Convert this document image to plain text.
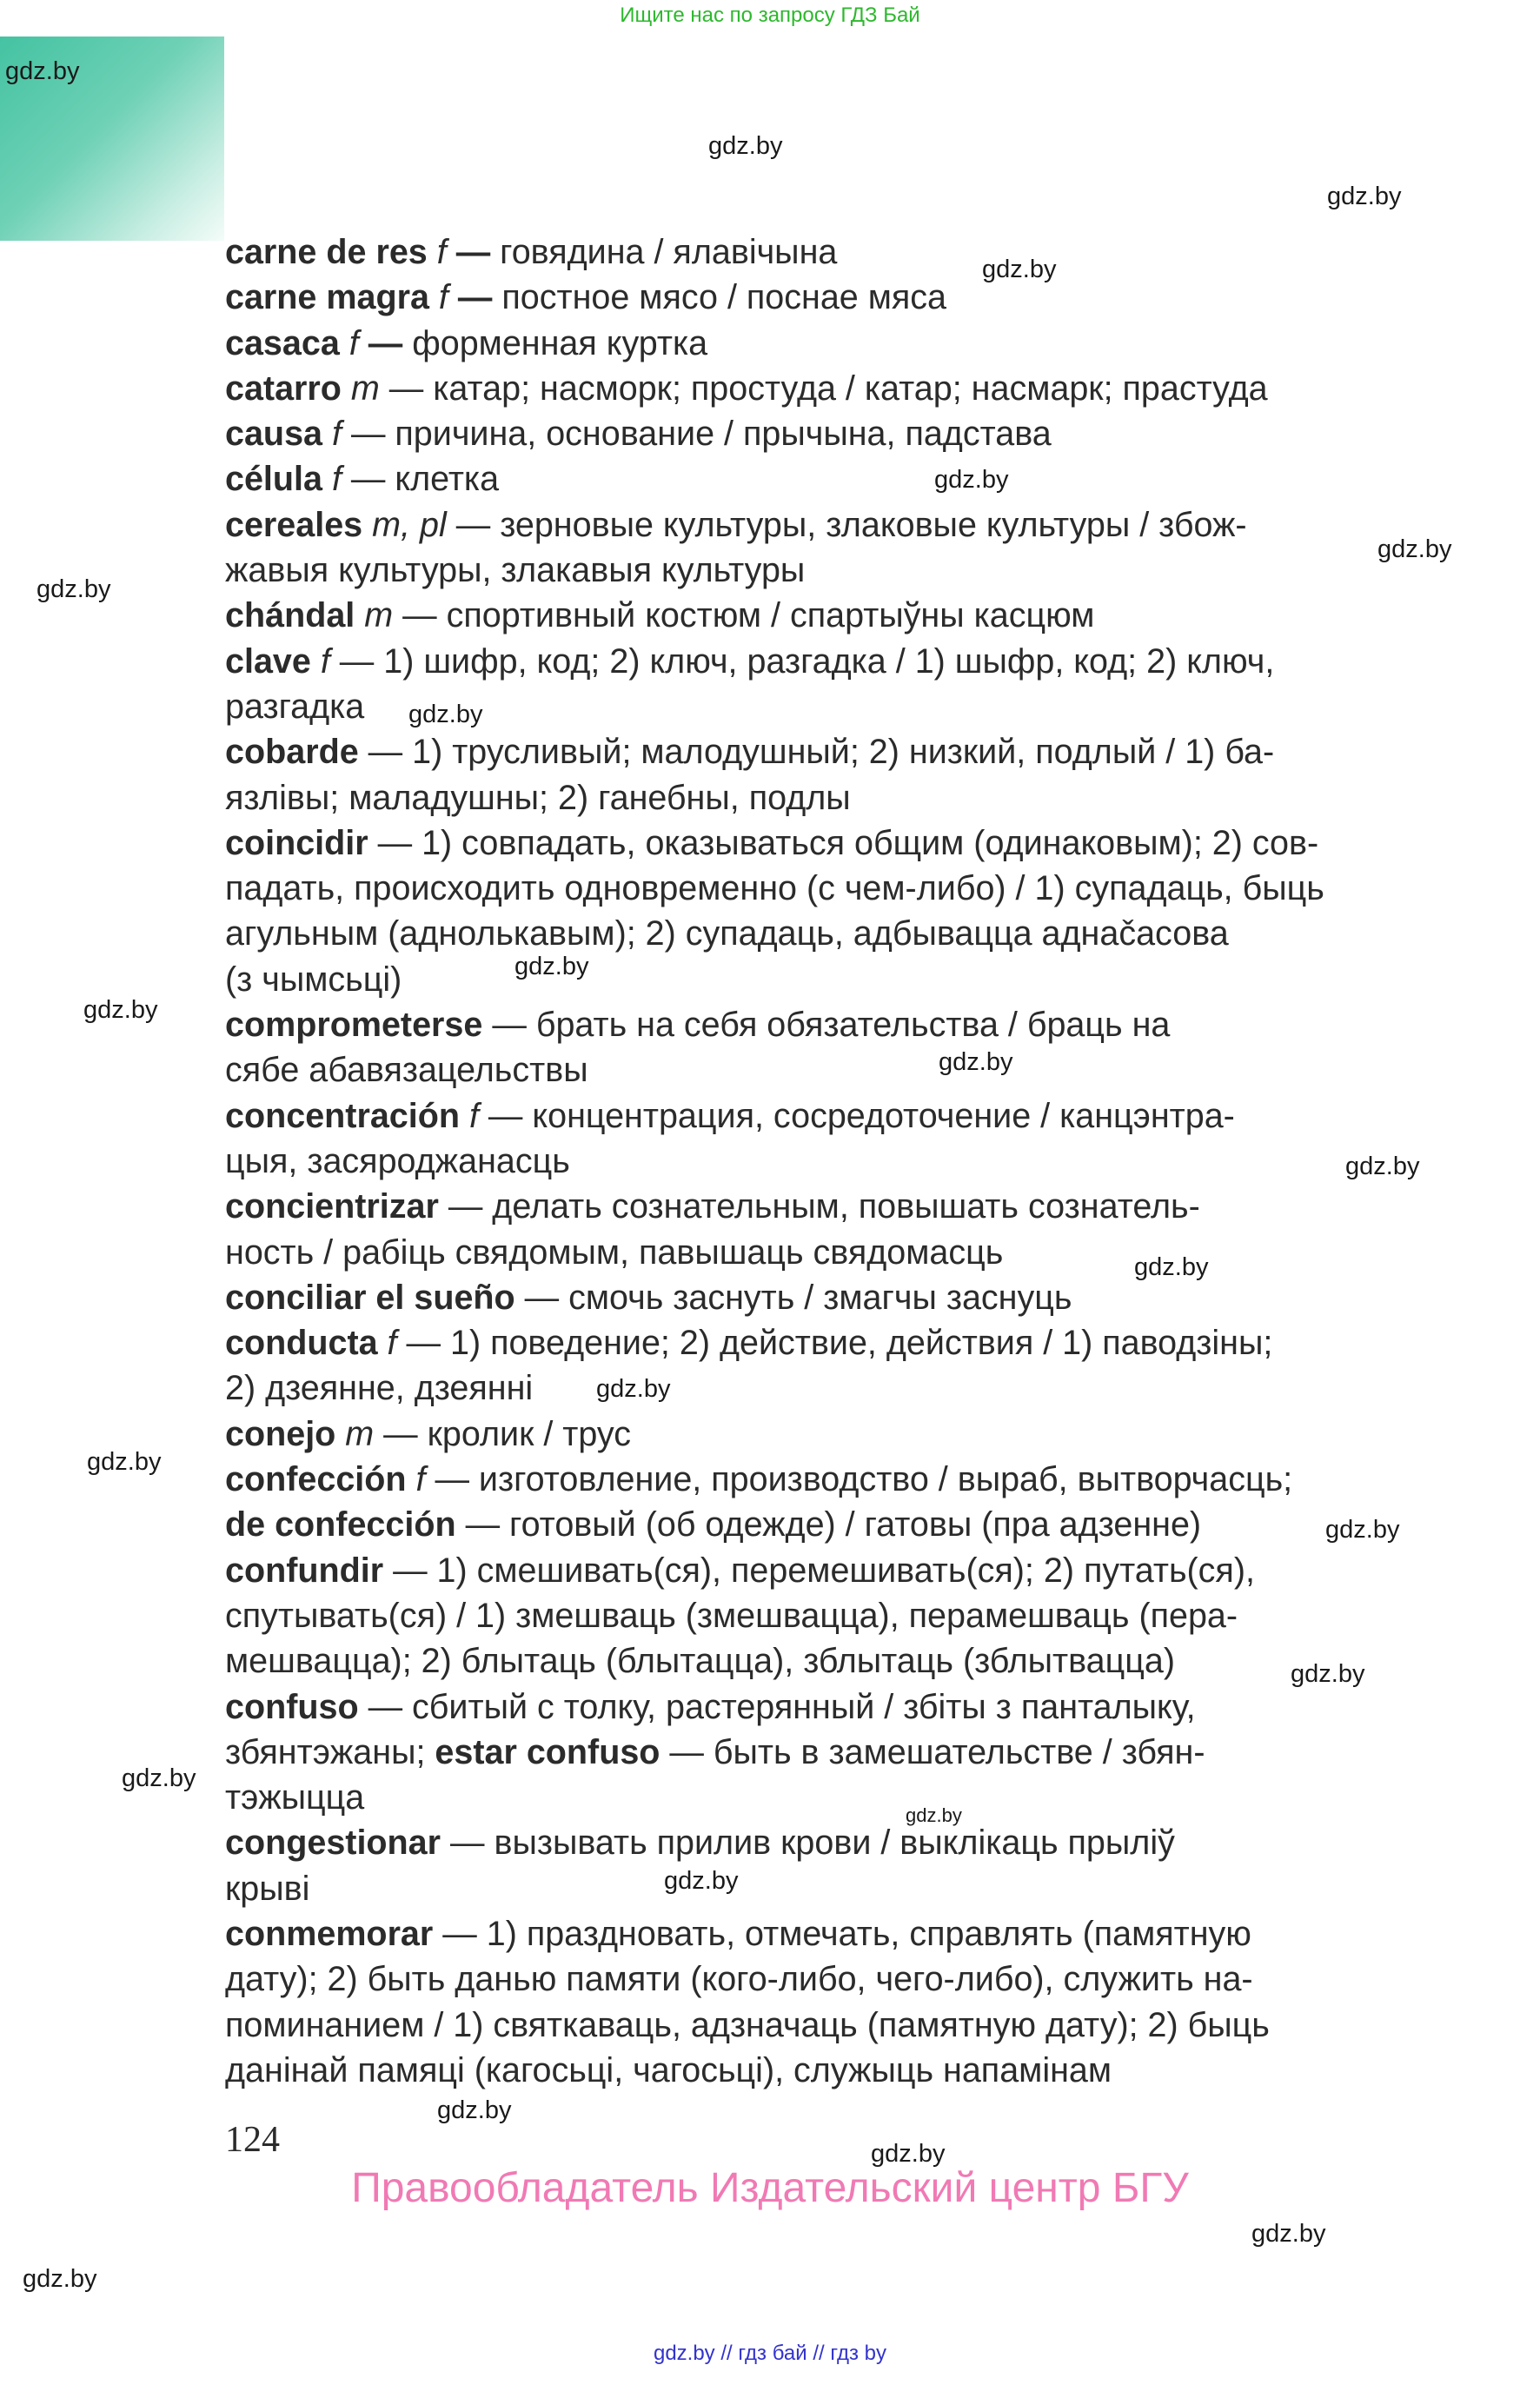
Ищите нас по запросу ГДЗ Бай
gdz.by
gdz.by
gdz.by
gdz.by
gdz.by
gdz.by
gdz.by
gdz.by
gdz.by
gdz.by
gdz.by
gdz.by
gdz.by
gdz.by
gdz.by
gdz.by
gdz.by
gdz.by
gdz.by
gdz.by
gdz.by
gdz.by
gdz.by
gdz.by
carne de res f — говядина / ялавічына
carne magra f — постное мясо / поснае мяса
casaca f — форменная куртка
catarro m — катар; насморк; простуда / катар; насмарк; прастуда
causa f — причина, основание / прычына, падстава
célula f — клетка
cereales m, pl — зерновые культуры, злаковые культуры / збож-
жавыя культуры, злакавыя культуры
chándal m — спортивный костюм / спартыўны касцюм
clave f — 1) шифр, код; 2) ключ, разгадка / 1) шыфр, код; 2) ключ,
разгадка
cobarde — 1) трусливый; малодушный; 2) низкий, подлый / 1) ба-
язлівы; маладушны; 2) ганебны, подлы
coincidir — 1) совпадать, оказываться общим (одинаковым); 2) сов-
падать, происходить одновременно (с чем-либо) / 1) супадаць, быць
агульным (аднолькавым); 2) супадаць, адбывацца аднačасова
(з чымсьці)
comprometerse — брать на себя обязательства / браць на
сябе абавязацельствы
concentración f — концентрация, сосредоточение / канцэнтра-
цыя, засяроджанасць
concientrizar — делать сознательным, повышать сознатель-
ность / рабіць свядомым, павышаць свядомасць
conciliar el sueño — смочь заснуть / змагчы заснуць
conducta f — 1) поведение; 2) действие, действия / 1) паводзіны;
2) дзеянне, дзеянні
conejo m — кролик / трус
confección f — изготовление, производство / выраб, вытворчасць;
de confección — готовый (об одежде) / гатовы (пра адзенне)
confundir — 1) смешивать(ся), перемешивать(ся); 2) путать(ся),
спутывать(ся) / 1) змешваць (змешвацца), перамешваць (пера-
мешвацца); 2) блытаць (блытацца), зблытаць (зблытвацца)
confuso — сбитый с толку, растерянный / збіты з панталыку,
збянтэжаны; estar confuso — быть в замешательстве / збян-
тэжыцца
congestionar — вызывать прилив крови / выклікаць прыліў
крыві
conmemorar — 1) праздновать, отмечать, справлять (памятную
дату); 2) быть данью памяти (кого-либо, чего-либо), служить на-
поминанием / 1) святкаваць, адзначаць (памятную дату); 2) быць
данінай памяці (кагосьці, чагосьці), служыць напамінам
124
Правообладатель Издательский центр БГУ
gdz.by // гдз бай // гдз by
